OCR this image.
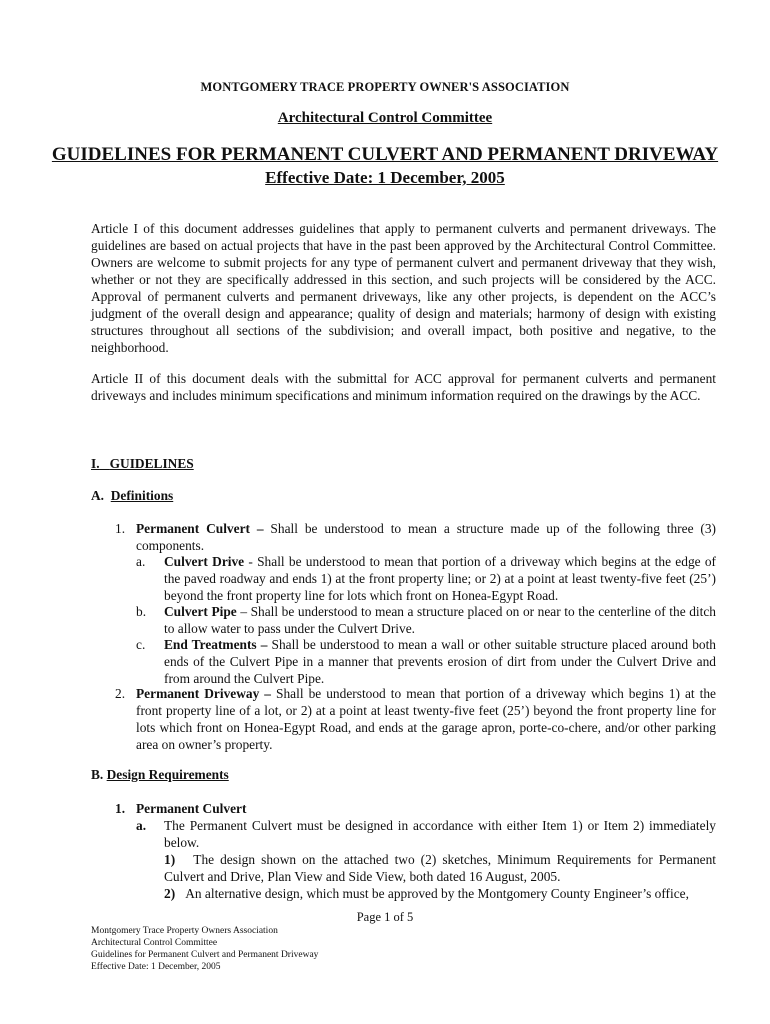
MONTGOMERY TRACE PROPERTY OWNER'S ASSOCIATION
Architectural Control Committee
GUIDELINES FOR PERMANENT CULVERT AND PERMANENT DRIVEWAY
Effective Date: 1 December, 2005

Article I of this document addresses guidelines that apply to permanent culverts and permanent driveways. The guidelines are based on actual projects that have in the past been approved by the Architectural Control Committee. Owners are welcome to submit projects for any type of permanent culvert and permanent driveway that they wish, whether or not they are specifically addressed in this section, and such projects will be considered by the ACC. Approval of permanent culverts and permanent driveways, like any other projects, is dependent on the ACC’s judgment of the overall design and appearance; quality of design and materials; harmony of design with existing structures throughout all sections of the subdivision; and overall impact, both positive and negative, to the neighborhood.

Article II of this document deals with the submittal for ACC approval for permanent culverts and permanent driveways and includes minimum specifications and minimum information required on the drawings by the ACC.

I. GUIDELINES
A. Definitions
1. Permanent Culvert – Shall be understood to mean a structure made up of the following three (3) components.
a. Culvert Drive - Shall be understood to mean that portion of a driveway which begins at the edge of the paved roadway and ends 1) at the front property line; or 2) at a point at least twenty-five feet (25’) beyond the front property line for lots which front on Honea-Egypt Road.
b. Culvert Pipe – Shall be understood to mean a structure placed on or near to the centerline of the ditch to allow water to pass under the Culvert Drive.
c. End Treatments – Shall be understood to mean a wall or other suitable structure placed around both ends of the Culvert Pipe in a manner that prevents erosion of dirt from under the Culvert Drive and from around the Culvert Pipe.
2. Permanent Driveway – Shall be understood to mean that portion of a driveway which begins 1) at the front property line of a lot, or 2) at a point at least twenty-five feet (25’) beyond the front property line for lots which front on Honea-Egypt Road, and ends at the garage apron, porte-co-chere, and/or other parking area on owner’s property.
B. Design Requirements
1. Permanent Culvert
a. The Permanent Culvert must be designed in accordance with either Item 1) or Item 2) immediately below.
1) The design shown on the attached two (2) sketches, Minimum Requirements for Permanent Culvert and Drive, Plan View and Side View, both dated 16 August, 2005.
2) An alternative design, which must be approved by the Montgomery County Engineer’s office,
Page 1 of 5
Montgomery Trace Property Owners Association
Architectural Control Committee
Guidelines for Permanent Culvert and Permanent Driveway
Effective Date: 1 December, 2005
